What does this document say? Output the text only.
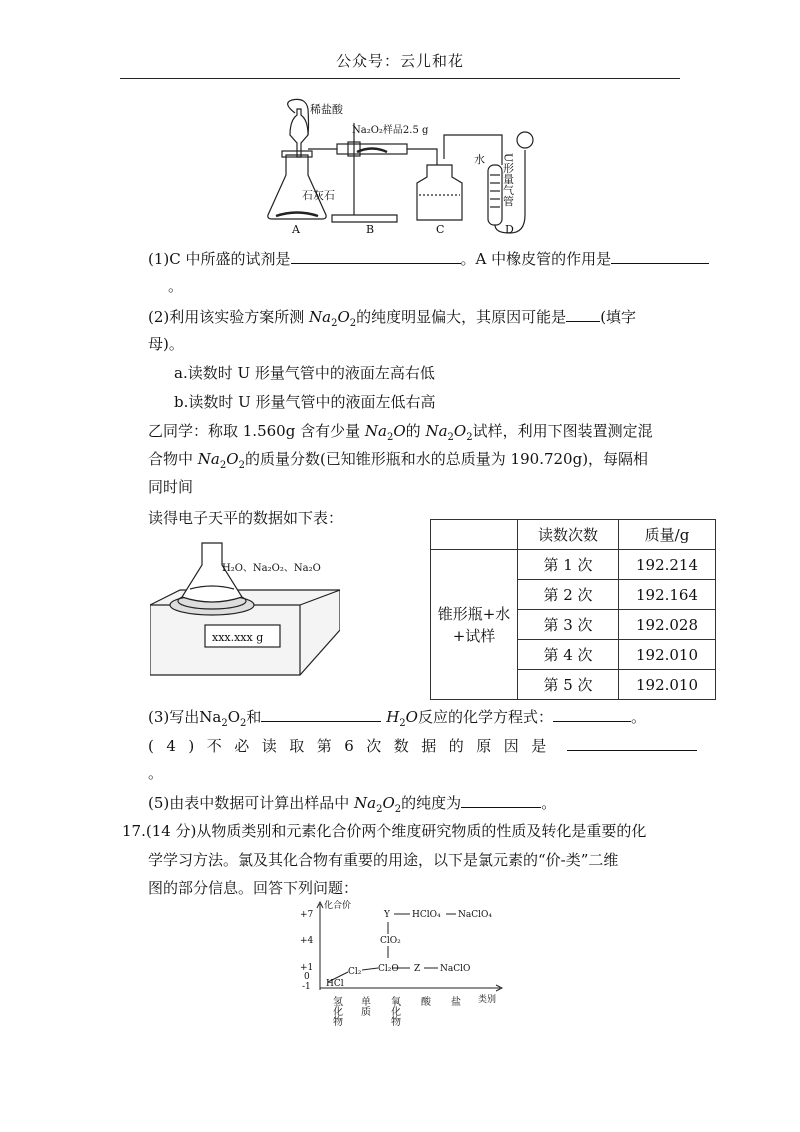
公众号：云儿和花
稀盐酸
Na₂O₂样品2.5 g
石灰石
水 U形量气管
A	B	C	D
(1)C 中所盛的试剂是	。A 中橡皮管的作用是
。
(2)利用该实验方案所测 $Na_2O_2$的纯度明显偏大，其原因可能是 (填字
母)。
a.读数时 U 形量气管中的液面左高右低
b.读数时 U 形量气管中的液面左低右高
乙同学：称取 1.560g 含有少量 $Na_2O$的 $Na_2O_2$试样，利用下图装置测定混
合物中 $Na_2O_2$的质量分数(已知锥形瓶和水的总质量为 190.720g)，每隔相
同时间
读得电子天平的数据如下表：
xxx.xxx g
H₂O、Na₂O₂、Na₂O
	读数次数	质量/g
锥形瓶+水
+试样	第 1 次	192.214
	第 2 次	192.164
	第 3 次	192.028
	第 4 次	192.010
	第 5 次	192.010
(3)写出$Na_2O_2$和	$H_2O$反应的化学方程式：	。
(4)不必读取第6次数据的原因是
。
(5)由表中数据可计算出样品中 $Na_2O_2$的纯度为	。
17.(14 分)从物质类别和元素化合价两个维度研究物质的性质及转化是重要的化
学学习方法。氯及其化合物有重要的用途，以下是氯元素的“价-类”二维
图的部分信息。回答下列问题：
化合价
+7
+4
+1
0
-1 HCl
Cl₂ Cl₂O
ClO₂
Y HClO₄ NaClO₄
Z NaClO
类别
氢化物 单质 氧化物 酸 盐
